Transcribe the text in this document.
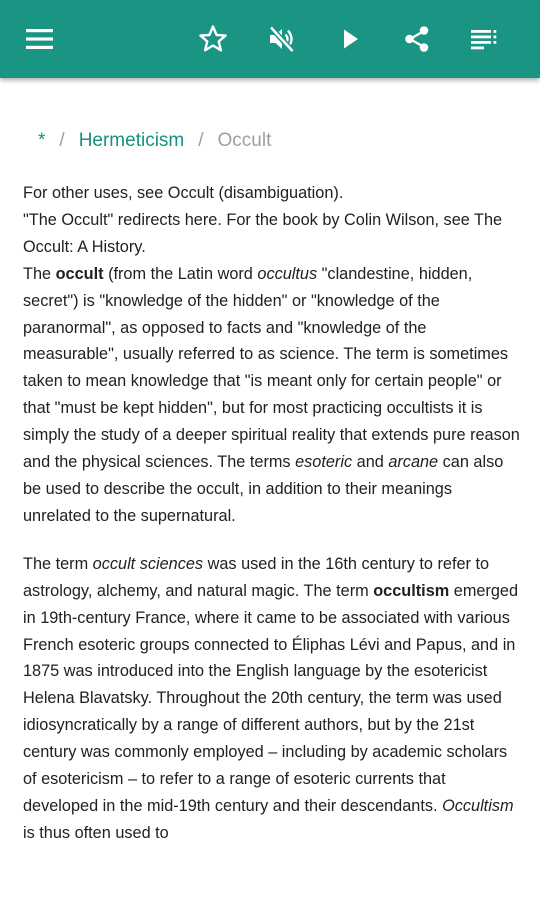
* / Hermeticism / Occult

For other uses, see Occult (disambiguation).

"The Occult" redirects here. For the book by Colin Wilson, see The Occult: A History.

The occult (from the Latin word occultus "clandestine, hidden, secret") is "knowledge of the hidden" or "knowledge of the paranormal", as opposed to facts and "knowledge of the measurable", usually referred to as science. The term is sometimes taken to mean knowledge that "is meant only for certain people" or that "must be kept hidden", but for most practicing occultists it is simply the study of a deeper spiritual reality that extends pure reason and the physical sciences. The terms esoteric and arcane can also be used to describe the occult, in addition to their meanings unrelated to the supernatural.

The term occult sciences was used in the 16th century to refer to astrology, alchemy, and natural magic. The term occultism emerged in 19th-century France, where it came to be associated with various French esoteric groups connected to Éliphas Lévi and Papus, and in 1875 was introduced into the English language by the esotericist Helena Blavatsky. Throughout the 20th century, the term was used idiosyncratically by a range of different authors, but by the 21st century was commonly employed – including by academic scholars of esotericism – to refer to a range of esoteric currents that developed in the mid-19th century and their descendants. Occultism is thus often used to
